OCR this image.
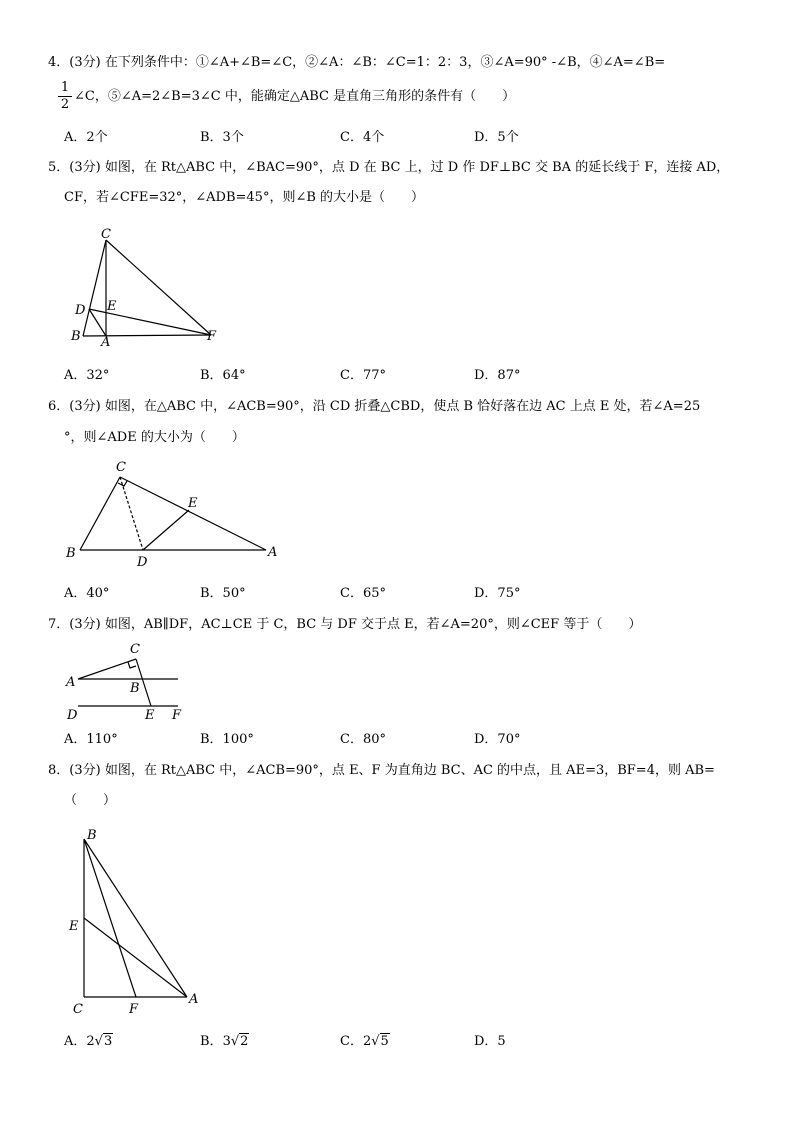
4．(3分) 在下列条件中：①∠A+∠B=∠C，②∠A：∠B：∠C=1：2：3，③∠A=90° -∠B，④∠A=∠B=
1
2
∠C，⑤∠A=2∠B=3∠C 中，能确定△ABC 是直角三角形的条件有（　　）
A．2个	B．3个	C．4个	D．5个
5．(3分) 如图，在 Rt△ABC 中，∠BAC=90°，点 D 在 BC 上，过 D 作 DF⊥BC 交 BA 的延长线于 F，连接 AD，
CF，若∠CFE=32°，∠ADB=45°，则∠B 的大小是（　　）
C
D E
B A	F
A．32°	B．64°	C．77°	D．87°
6．(3分) 如图，在△ABC 中，∠ACB=90°，沿 CD 折叠△CBD，使点 B 恰好落在边 AC 上点 E 处，若∠A=25
°，则∠ADE 的大小为（　　）
C
E
B
D
A
A．40°	B．50°	C．65°	D．75°
7．(3分) 如图，AB∥DF，AC⊥CE 于 C，BC 与 DF 交于点 E，若∠A=20°，则∠CEF 等于（　　）
C
A	B
D	E F
A．110°	B．100°	C．80°	D．70°
8．(3分) 如图，在 Rt△ABC 中，∠ACB=90°，点 E、F 为直角边 BC、AC 的中点，且 AE=3，BF=4，则 AB=
（　　）
B
E
C	F
A
A．2√3	B．3√2	C．2√5	D．5
